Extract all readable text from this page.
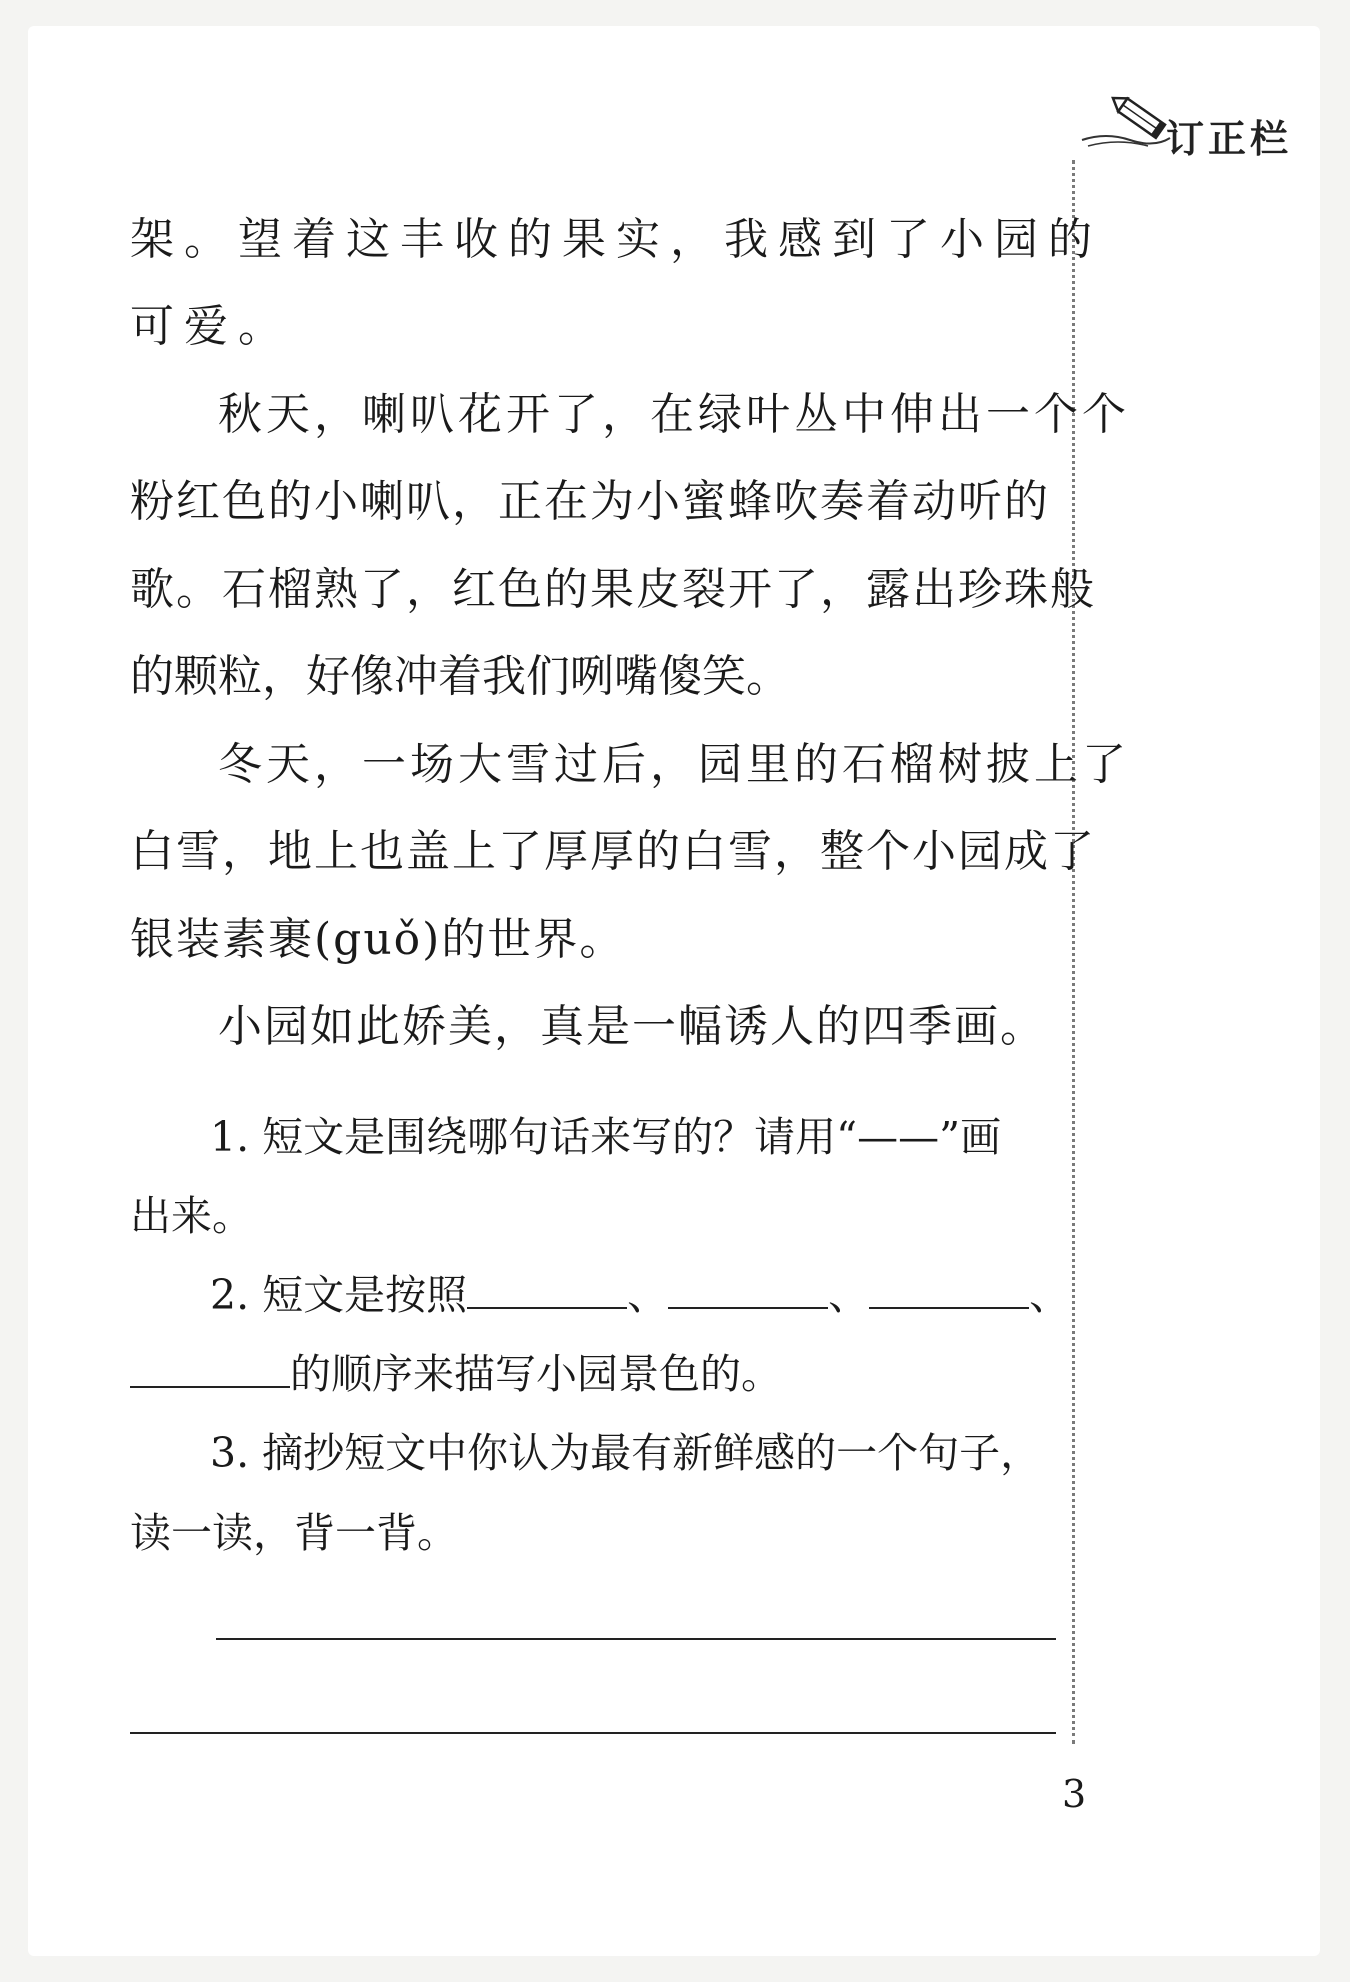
订正栏
架。望着这丰收的果实，我感到了小园的
可爱。
秋天，喇叭花开了，在绿叶丛中伸出一个个
粉红色的小喇叭，正在为小蜜蜂吹奏着动听的
歌。石榴熟了，红色的果皮裂开了，露出珍珠般
的颗粒，好像冲着我们咧嘴傻笑。
冬天，一场大雪过后，园里的石榴树披上了
白雪，地上也盖上了厚厚的白雪，整个小园成了
银装素裹(guǒ)的世界。
小园如此娇美，真是一幅诱人的四季画。
1. 短文是围绕哪句话来写的？请用“——”画
出来。
2. 短文是按照	、	、	、
的顺序来描写小园景色的。
3. 摘抄短文中你认为最有新鲜感的一个句子，
读一读，背一背。
3
